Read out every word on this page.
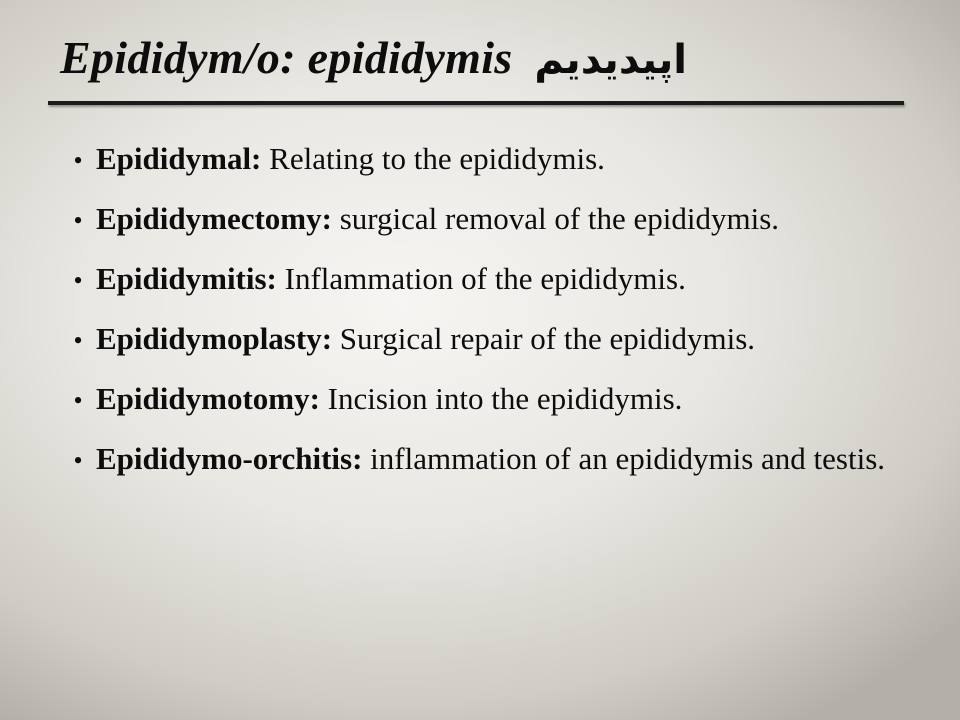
Epididym/o: epididymis اپیدیدیم
• Epididymal: Relating to the epididymis.
• Epididymectomy: surgical removal of the epididymis.
• Epididymitis: Inflammation of the epididymis.
• Epididymoplasty: Surgical repair of the epididymis.
• Epididymotomy: Incision into the epididymis.
• Epididymo-orchitis: inflammation of an epididymis and testis.
